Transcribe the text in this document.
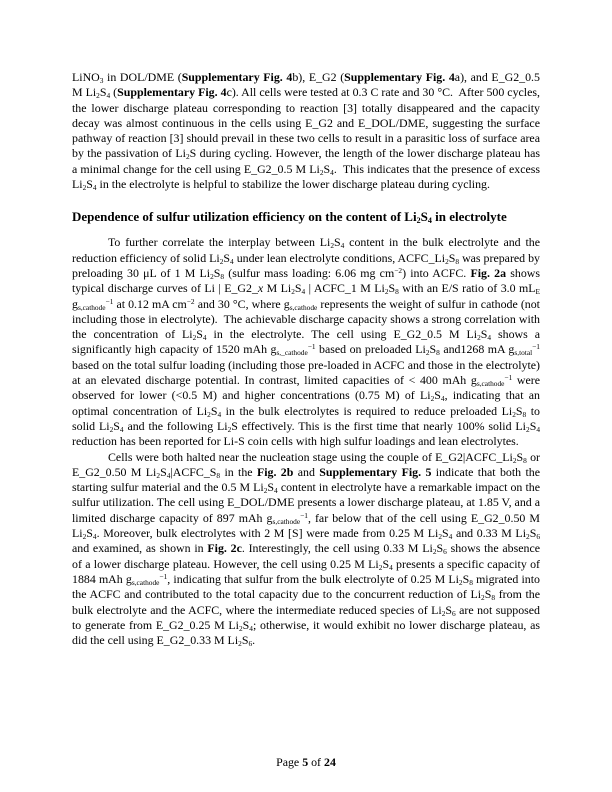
LiNO$_3$ in DOL/DME (Supplementary Fig. 4b), E_G2 (Supplementary Fig. 4a), and E_G2_0.5 M $Li_2S_4$ (Supplementary Fig. 4c). All cells were tested at 0.3 C rate and 30 °C.  After 500 cycles, the lower discharge plateau corresponding to reaction [3] totally disappeared and the capacity decay was almost continuous in the cells using E_G2 and E_DOL/DME, suggesting the surface pathway of reaction [3] should prevail in these two cells to result in a parasitic loss of surface area by the passivation of $Li_2S$ during cycling. However, the length of the lower discharge plateau has a minimal change for the cell using E_G2_0.5 M $Li_2S_4$.  This indicates that the presence of excess $Li_2S_4$ in the electrolyte is helpful to stabilize the lower discharge plateau during cycling.

Dependence of sulfur utilization efficiency on the content of $Li_2S_4$ in electrolyte

To further correlate the interplay between $Li_2S_4$ content in the bulk electrolyte and the reduction efficiency of solid $Li_2S_4$ under lean electrolyte conditions, $ACFC\_Li_2S_8$ was prepared by preloading 30 μL of 1 M $Li_2S_8$ (sulfur mass loading: 6.06 mg $cm^{-2}$) into ACFC. Fig. 2a shows typical discharge curves of Li | E_G2_x M $Li_2S_4$ | ACFC_1 M $Li_2S_8$ with an E/S ratio of 3.0 $mL_E$ $g_{s,cathode}^{-1}$ at 0.12 mA $cm^{-2}$ and 30 °C, where $g_{s,cathode}$ represents the weight of sulfur in cathode (not including those in electrolyte).  The achievable discharge capacity shows a strong correlation with the concentration of $Li_2S_4$ in the electrolyte. The cell using E_G2_0.5 M $Li_2S_4$ shows a significantly high capacity of 1520 mAh $g_{s,\_cathode}^{-1}$ based on preloaded $Li_2S_8$ and1268 mA $g_{s,total}^{-1}$ based on the total sulfur loading (including those pre-loaded in ACFC and those in the electrolyte) at an elevated discharge potential. In contrast, limited capacities of < 400 mAh $g_{s,cathode}^{-1}$ were observed for lower (<0.5 M) and higher concentrations (0.75 M) of $Li_2S_4$, indicating that an optimal concentration of $Li_2S_4$ in the bulk electrolytes is required to reduce preloaded $Li_2S_8$ to solid $Li_2S_4$ and the following $Li_2S$ effectively. This is the first time that nearly 100% solid $Li_2S_4$ reduction has been reported for Li-S coin cells with high sulfur loadings and lean electrolytes.

Cells were both halted near the nucleation stage using the couple of $E\_G2|ACFC\_Li_2S_8$ or E_G2_0.50 M $Li_2S_4|ACFC\_S_8$ in the Fig. 2b and Supplementary Fig. 5 indicate that both the starting sulfur material and the 0.5 M $Li_2S_4$ content in electrolyte have a remarkable impact on the sulfur utilization. The cell using E_DOL/DME presents a lower discharge plateau, at 1.85 V, and a limited discharge capacity of 897 mAh $g_{s,cathode}^{-1}$, far below that of the cell using E_G2_0.50 M $Li_2S_4$. Moreover, bulk electrolytes with 2 M [S] were made from 0.25 M $Li_2S_4$ and 0.33 M $Li_2S_6$ and examined, as shown in Fig. 2c. Interestingly, the cell using 0.33 M $Li_2S_6$ shows the absence of a lower discharge plateau. However, the cell using 0.25 M $Li_2S_4$ presents a specific capacity of 1884 mAh $g_{s,cathode}^{-1}$, indicating that sulfur from the bulk electrolyte of 0.25 M $Li_2S_8$ migrated into the ACFC and contributed to the total capacity due to the concurrent reduction of $Li_2S_8$ from the bulk electrolyte and the ACFC, where the intermediate reduced species of $Li_2S_6$ are not supposed to generate from E_G2_0.25 M $Li_2S_4$; otherwise, it would exhibit no lower discharge plateau, as did the cell using E_G2_0.33 M $Li_2S_6$.

Page 5 of 24
